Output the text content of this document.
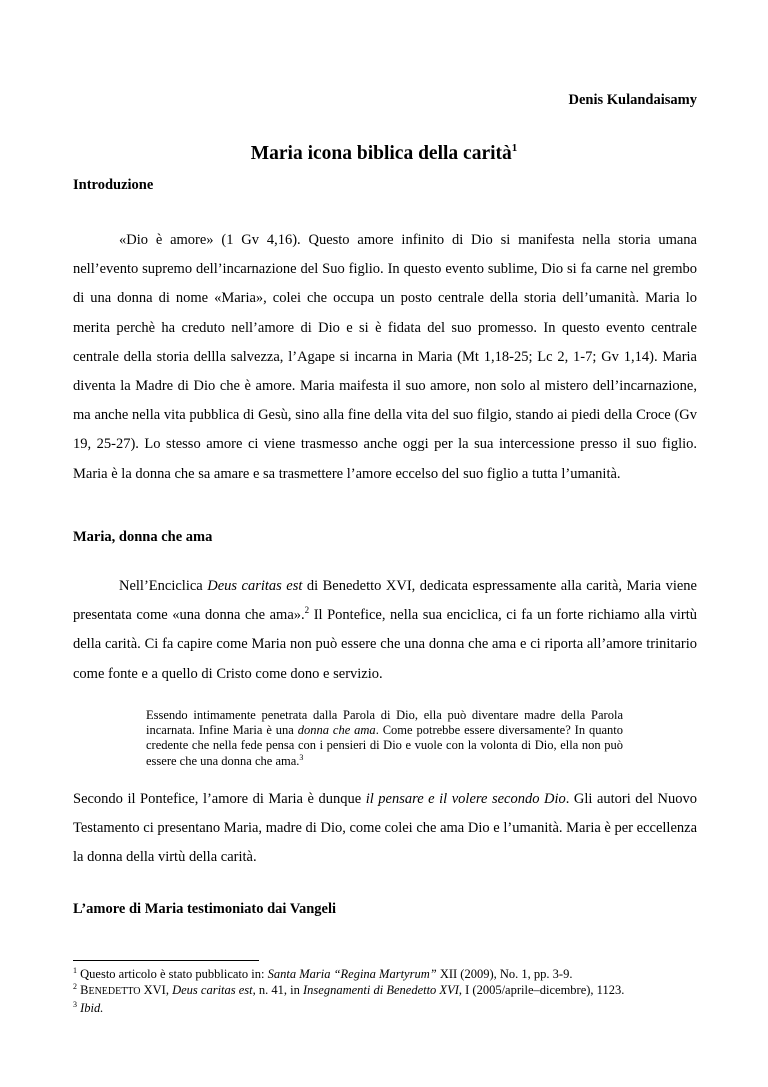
Denis Kulandaisamy
Maria icona biblica della carità$^1$
Introduzione

«Dio è amore» (1 Gv 4,16). Questo amore infinito di Dio si manifesta nella storia umana nell’evento supremo dell’incarnazione del Suo figlio. In questo evento sublime, Dio si fa carne nel grembo di una donna di nome «Maria», colei che occupa un posto centrale della storia dell’umanità. Maria lo merita perchè ha creduto nell’amore di Dio e si è fidata del suo promesso. In questo evento centrale centrale della storia dellla salvezza, l’Agape si incarna in Maria (Mt 1,18-25; Lc 2, 1-7; Gv 1,14). Maria diventa la Madre di Dio che è amore. Maria maifesta il suo amore, non solo al mistero dell’incarnazione, ma anche nella vita pubblica di Gesù, sino alla fine della vita del suo filgio, stando ai piedi della Croce (Gv 19, 25-27). Lo stesso amore ci viene trasmesso anche oggi per la sua intercessione presso il suo figlio. Maria è la donna che sa amare e sa trasmettere l’amore eccelso del suo figlio a tutta l’umanità.

Maria, donna che ama

Nell’Enciclica Deus caritas est di Benedetto XVI, dedicata espressamente alla carità, Maria viene presentata come «una donna che ama».$^2$ Il Pontefice, nella sua enciclica, ci fa un forte richiamo alla virtù della carità. Ci fa capire come Maria non può essere che una donna che ama e ci riporta all’amore trinitario come fonte e a quello di Cristo come dono e servizio.

Essendo intimamente penetrata dalla Parola di Dio, ella può diventare madre della Parola incarnata. Infine Maria è una donna che ama. Come potrebbe essere diversamente? In quanto credente che nella fede pensa con i pensieri di Dio e vuole con la volonta di Dio, ella non può essere che una donna che ama.$^3$

Secondo il Pontefice, l’amore di Maria è dunque il pensare e il volere secondo Dio. Gli autori del Nuovo Testamento ci presentano Maria, madre di Dio, come colei che ama Dio e l’umanità. Maria è per eccellenza la donna della virtù della carità.

L’amore di Maria testimoniato dai Vangeli
$^1$ Questo articolo è stato pubblicato in: Santa Maria “Regina Martyrum” XII (2009), No. 1, pp. 3-9.
$^2$ BENEDETTO XVI, Deus caritas est, n. 41, in Insegnamenti di Benedetto XVI, I (2005/aprile–dicembre), 1123.
$^3$ Ibid.
